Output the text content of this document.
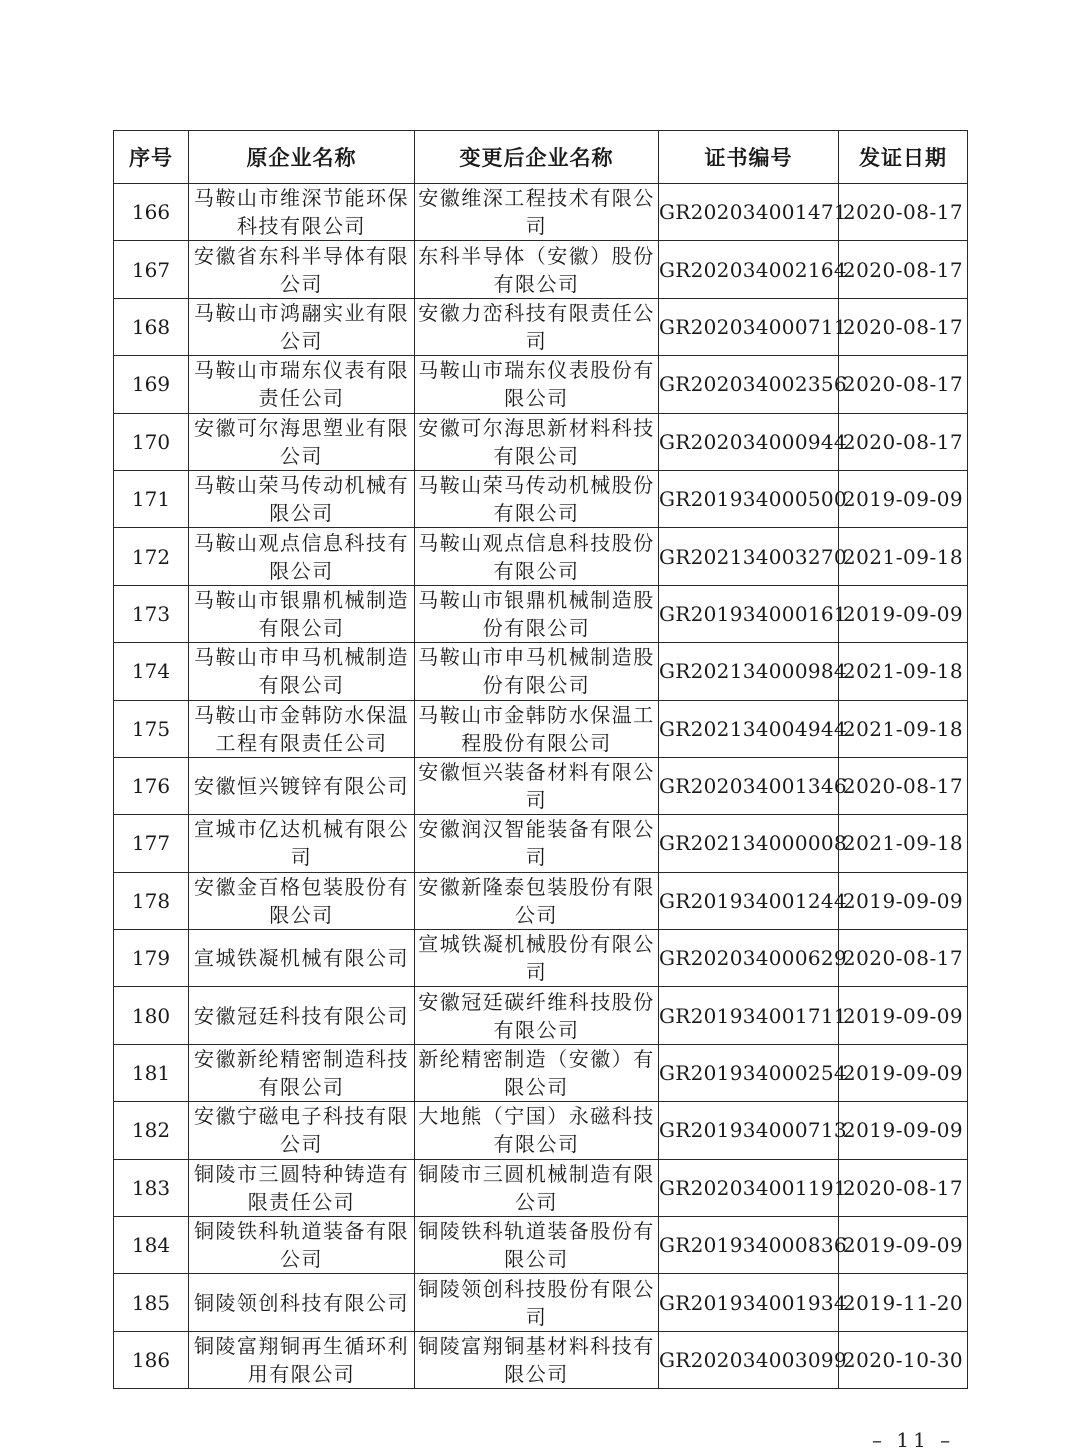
序号	原企业名称	变更后企业名称	证书编号	发证日期
166	马鞍山市维深节能环保科技有限公司	安徽维深工程技术有限公司	GR202034001471	2020-08-17
167	安徽省东科半导体有限公司	东科半导体（安徽）股份有限公司	GR202034002164	2020-08-17
168	马鞍山市鸿翮实业有限公司	安徽力峦科技有限责任公司	GR202034000711	2020-08-17
169	马鞍山市瑞东仪表有限责任公司	马鞍山市瑞东仪表股份有限公司	GR202034002356	2020-08-17
170	安徽可尔海思塑业有限公司	安徽可尔海思新材料科技有限公司	GR202034000944	2020-08-17
171	马鞍山荣马传动机械有限公司	马鞍山荣马传动机械股份有限公司	GR201934000500	2019-09-09
172	马鞍山观点信息科技有限公司	马鞍山观点信息科技股份有限公司	GR202134003270	2021-09-18
173	马鞍山市银鼎机械制造有限公司	马鞍山市银鼎机械制造股份有限公司	GR201934000161	2019-09-09
174	马鞍山市申马机械制造有限公司	马鞍山市申马机械制造股份有限公司	GR202134000984	2021-09-18
175	马鞍山市金韩防水保温工程有限责任公司	马鞍山市金韩防水保温工程股份有限公司	GR202134004944	2021-09-18
176	安徽恒兴镀锌有限公司	安徽恒兴装备材料有限公司	GR202034001346	2020-08-17
177	宣城市亿达机械有限公司	安徽润汉智能装备有限公司	GR202134000008	2021-09-18
178	安徽金百格包装股份有限公司	安徽新隆泰包装股份有限公司	GR201934001244	2019-09-09
179	宣城铁凝机械有限公司	宣城铁凝机械股份有限公司	GR202034000629	2020-08-17
180	安徽冠廷科技有限公司	安徽冠廷碳纤维科技股份有限公司	GR201934001711	2019-09-09
181	安徽新纶精密制造科技有限公司	新纶精密制造（安徽）有限公司	GR201934000254	2019-09-09
182	安徽宁磁电子科技有限公司	大地熊（宁国）永磁科技有限公司	GR201934000713	2019-09-09
183	铜陵市三圆特种铸造有限责任公司	铜陵市三圆机械制造有限公司	GR202034001191	2020-08-17
184	铜陵铁科轨道装备有限公司	铜陵铁科轨道装备股份有限公司	GR201934000836	2019-09-09
185	铜陵领创科技有限公司	铜陵领创科技股份有限公司	GR201934001934	2019-11-20
186	铜陵富翔铜再生循环利用有限公司	铜陵富翔铜基材料科技有限公司	GR202034003099	2020-10-30
– 11 –
